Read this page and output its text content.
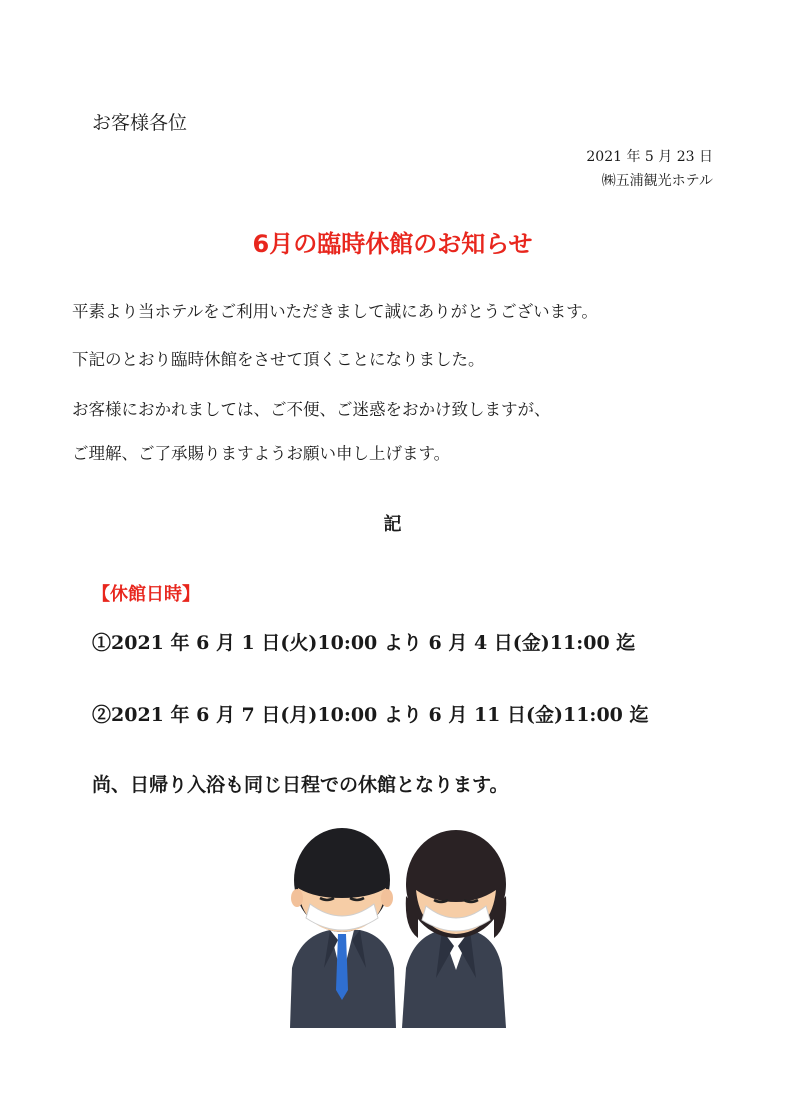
お客様各位
2021 年 5 月 23 日
㈱五浦観光ホテル
6月の臨時休館のお知らせ
平素より当ホテルをご利用いただきまして誠にありがとうございます。
下記のとおり臨時休館をさせて頂くことになりました。
お客様におかれましては、ご不便、ご迷惑をおかけ致しますが、
ご理解、ご了承賜りますようお願い申し上げます。
記
【休館日時】
①2021 年 6 月 1 日(火)10:00 より 6 月 4 日(金)11:00 迄
②2021 年 6 月 7 日(月)10:00 より 6 月 11 日(金)11:00 迄
尚、日帰り入浴も同じ日程での休館となります。
